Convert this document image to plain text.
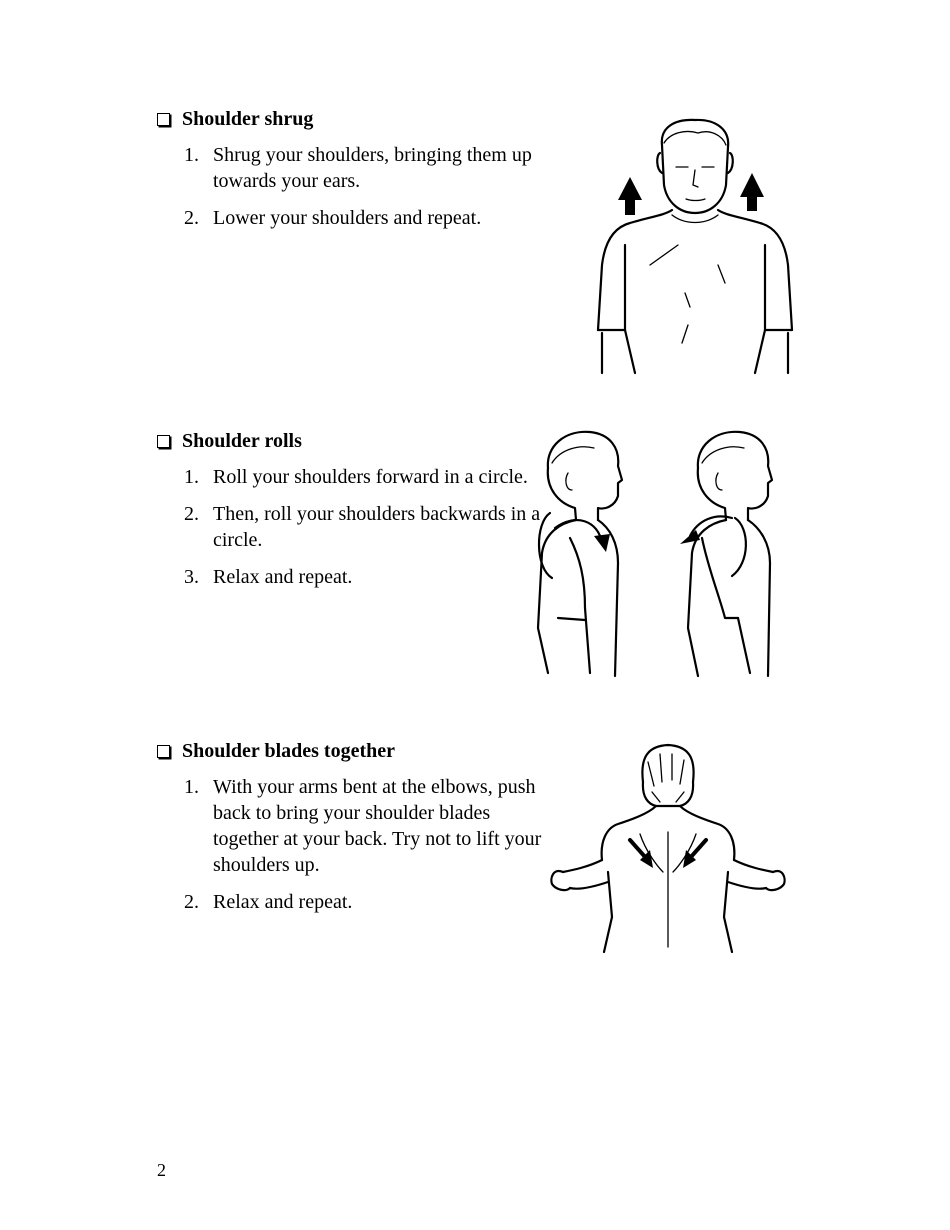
Shoulder shrug
1. Shrug your shoulders, bringing them up towards your ears.
2. Lower your shoulders and repeat.
Shoulder rolls
1. Roll your shoulders forward in a circle.
2. Then, roll your shoulders backwards in a circle.
3. Relax and repeat.
Shoulder blades together
1. With your arms bent at the elbows, push back to bring your shoulder blades together at your back. Try not to lift your shoulders up.
2. Relax and repeat.
2
